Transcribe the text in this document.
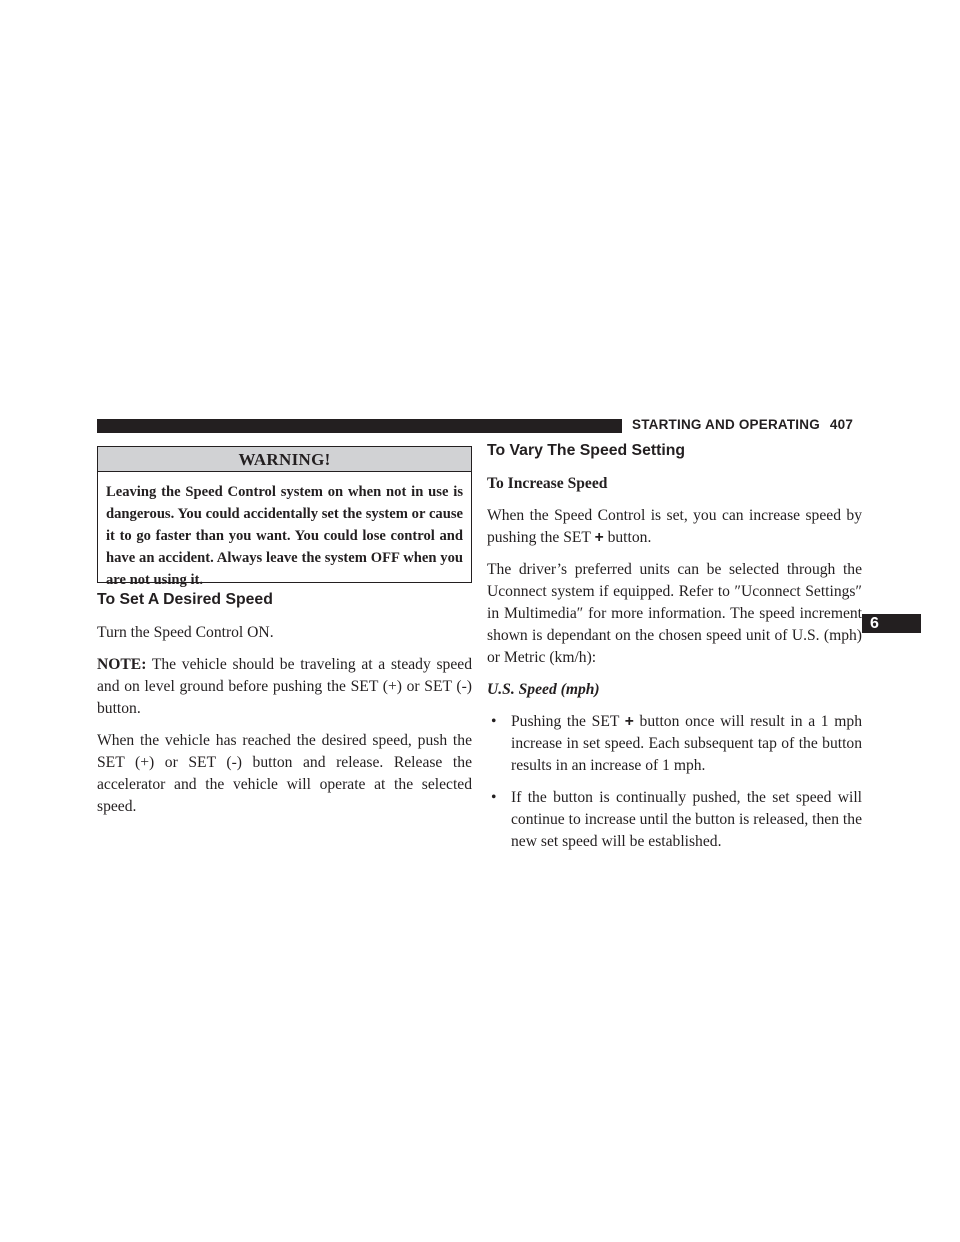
STARTING AND OPERATING 407
6
WARNING!
Leaving the Speed Control system on when not in use is dangerous. You could accidentally set the system or cause it to go faster than you want. You could lose control and have an accident. Always leave the system OFF when you are not using it.
To Set A Desired Speed

Turn the Speed Control ON.

NOTE: The vehicle should be traveling at a steady speed and on level ground before pushing the SET (+) or SET (-) button.

When the vehicle has reached the desired speed, push the SET (+) or SET (-) button and release. Release the accelerator and the vehicle will operate at the selected speed.

To Vary The Speed Setting
To Increase Speed

When the Speed Control is set, you can increase speed by pushing the SET + button.

The driver’s preferred units can be selected through the Uconnect system if equipped. Refer to ″Uconnect Settings″ in Multimedia″ for more information. The speed increment shown is dependant on the chosen speed unit of U.S. (mph) or Metric (km/h):

U.S. Speed (mph)
• Pushing the SET + button once will result in a 1 mph increase in set speed. Each subsequent tap of the button results in an increase of 1 mph.
• If the button is continually pushed, the set speed will continue to increase until the button is released, then the new set speed will be established.
